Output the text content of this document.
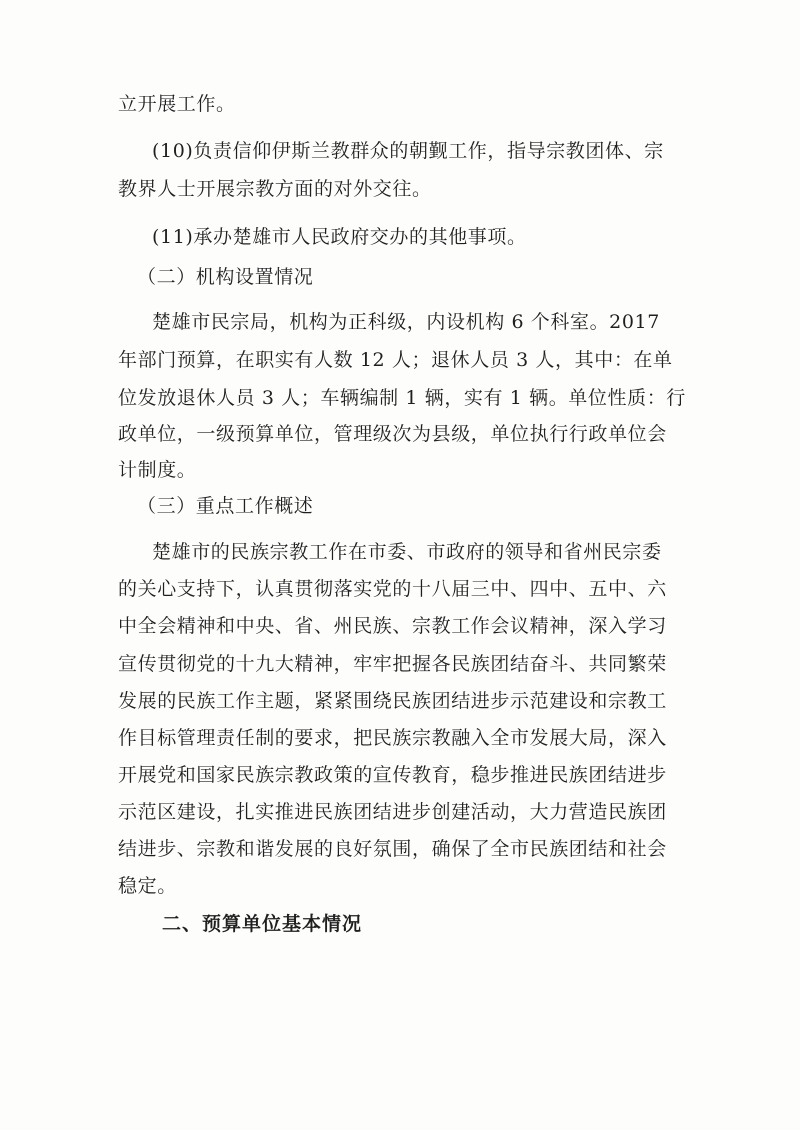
立开展工作。
(10)负责信仰伊斯兰教群众的朝觐工作，指导宗教团体、宗
教界人士开展宗教方面的对外交往。
(11)承办楚雄市人民政府交办的其他事项。
（二）机构设置情况
楚雄市民宗局，机构为正科级，内设机构 6 个科室。2017
年部门预算，在职实有人数 12 人；退休人员 3 人，其中：在单
位发放退休人员 3 人；车辆编制 1 辆，实有 1 辆。单位性质：行
政单位，一级预算单位，管理级次为县级，单位执行行政单位会
计制度。
（三）重点工作概述
楚雄市的民族宗教工作在市委、市政府的领导和省州民宗委
的关心支持下，认真贯彻落实党的十八届三中、四中、五中、六
中全会精神和中央、省、州民族、宗教工作会议精神，深入学习
宣传贯彻党的十九大精神，牢牢把握各民族团结奋斗、共同繁荣
发展的民族工作主题，紧紧围绕民族团结进步示范建设和宗教工
作目标管理责任制的要求，把民族宗教融入全市发展大局，深入
开展党和国家民族宗教政策的宣传教育，稳步推进民族团结进步
示范区建设，扎实推进民族团结进步创建活动，大力营造民族团
结进步、宗教和谐发展的良好氛围，确保了全市民族团结和社会
稳定。
二、预算单位基本情况
